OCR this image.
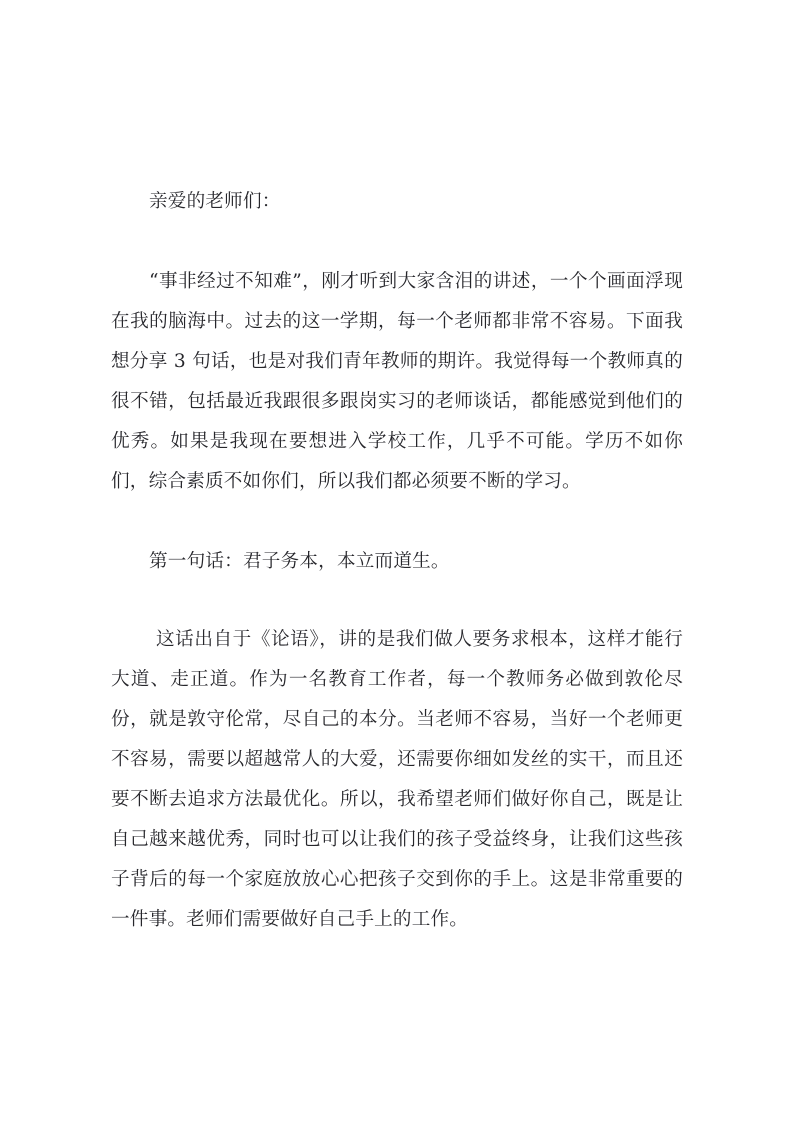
亲爱的老师们：

“事非经过不知难”，刚才听到大家含泪的讲述，一个个画面浮现在我的脑海中。过去的这一学期，每一个老师都非常不容易。下面我想分享 3 句话，也是对我们青年教师的期许。我觉得每一个教师真的很不错，包括最近我跟很多跟岗实习的老师谈话，都能感觉到他们的优秀。如果是我现在要想进入学校工作，几乎不可能。学历不如你们，综合素质不如你们，所以我们都必须要不断的学习。

第一句话：君子务本，本立而道生。

这话出自于《论语》，讲的是我们做人要务求根本，这样才能行大道、走正道。作为一名教育工作者，每一个教师务必做到敦伦尽份，就是敦守伦常，尽自己的本分。当老师不容易，当好一个老师更不容易，需要以超越常人的大爱，还需要你细如发丝的实干，而且还要不断去追求方法最优化。所以，我希望老师们做好你自己，既是让自己越来越优秀，同时也可以让我们的孩子受益终身，让我们这些孩子背后的每一个家庭放放心心把孩子交到你的手上。这是非常重要的一件事。老师们需要做好自己手上的工作。
